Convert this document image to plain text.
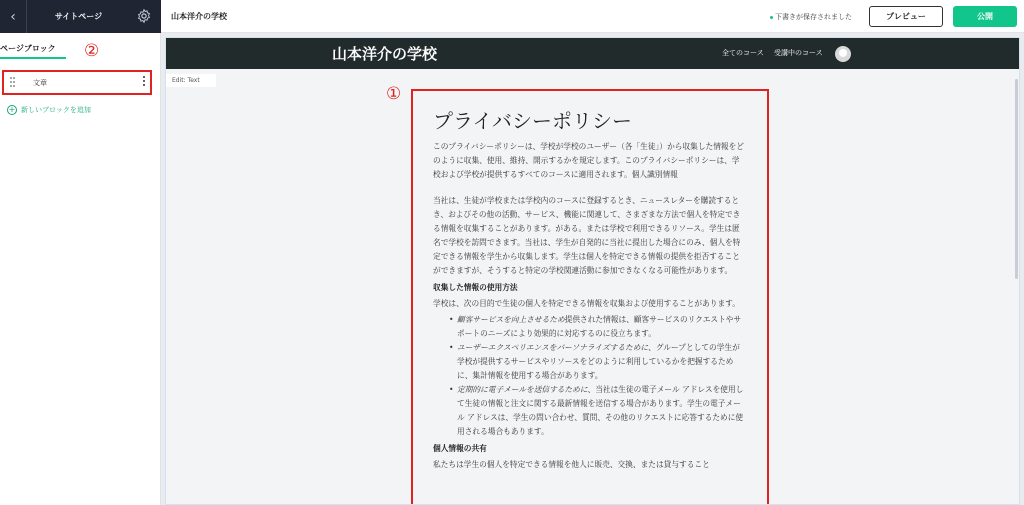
‹	サイトページ	山本洋介の学校	下書きが保存されました	プレビュー	公開
ページブロック	②
文章
+ 新しいブロックを追加
山本洋介の学校	全てのコース 受講中のコース
Edit: Text
①
プライバシーポリシー

このプライバシーポリシーは、学校が学校のユーザー（各「生徒」）から収集した情報をどのように収集、使用、維持、開示するかを規定します。このプライバシーポリシーは、学校および学校が提供するすべてのコースに適用されます。個人識別情報

当社は、生徒が学校または学校内のコースに登録するとき、ニュースレターを購読するとき、およびその他の活動、サービス、機能に関連して、さまざまな方法で個人を特定できる情報を収集することがあります。がある。または学校で利用できるリソース。学生は匿名で学校を訪問できます。当社は、学生が自発的に当社に提出した場合にのみ、個人を特定できる情報を学生から収集します。学生は個人を特定できる情報の提供を拒否することができますが、そうすると特定の学校関連活動に参加できなくなる可能性があります。

収集した情報の使用方法

学校は、次の目的で生徒の個人を特定できる情報を収集および使用することがあります。

• 顧客サービスを向上させるため提供された情報は、顧客サービスのリクエストやサポートのニーズにより効果的に対応するのに役立ちます。
• ユーザーエクスペリエンスをパーソナライズするために、グループとしての学生が学校が提供するサービスやリソースをどのように利用しているかを把握するために、集計情報を使用する場合があります。
• 定期的に電子メールを送信するために、当社は生徒の電子メール アドレスを使用して生徒の情報と注文に関する最新情報を送信する場合があります。学生の電子メール アドレスは、学生の問い合わせ、質問、その他のリクエストに応答するために使用される場合もあります。
個人情報の共有

私たちは学生の個人を特定できる情報を他人に販売、交換、または貸与すること
